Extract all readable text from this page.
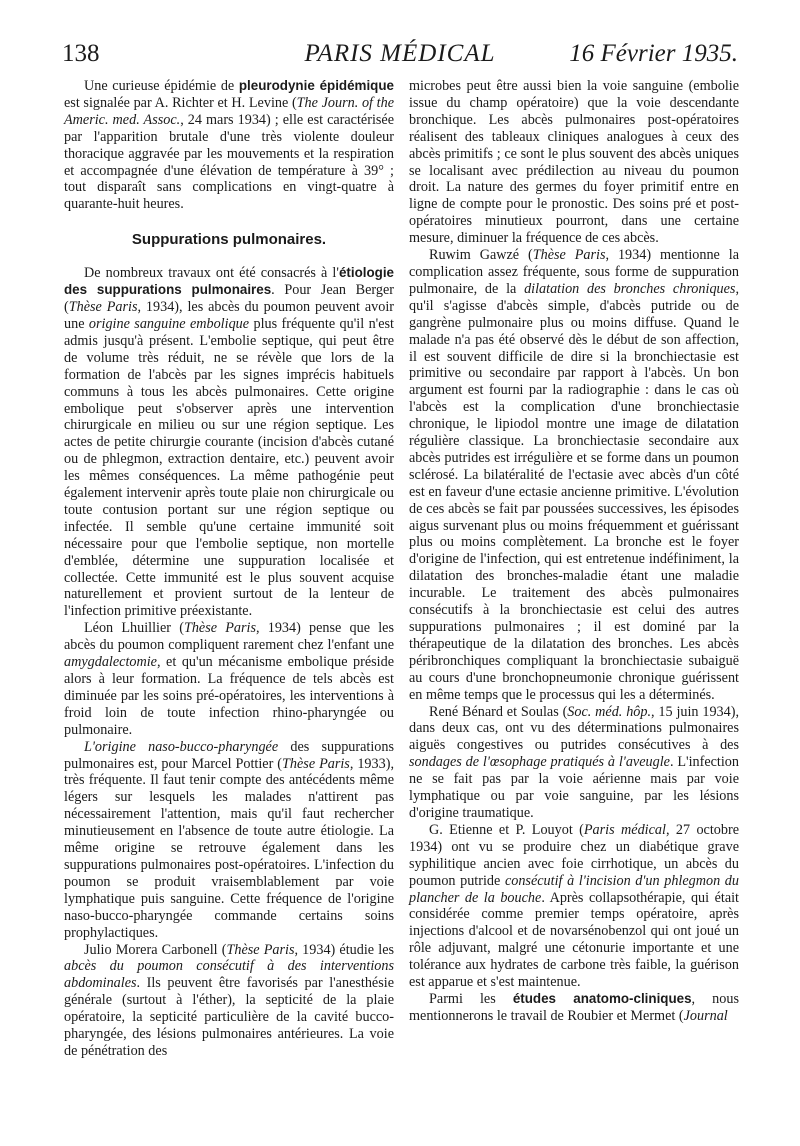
PARIS MÉDICAL
138	16 Février 1935.

Une curieuse épidémie de pleurodynie épidémique est signalée par A. Richter et H. Levine (The Journ. of the Americ. med. Assoc., 24 mars 1934) ; elle est caractérisée par l'apparition brutale d'une très violente douleur thoracique aggravée par les mouvements et la respiration et accompagnée d'une élévation de température à 39° ; tout disparaît sans complications en vingt-quatre à quarante-huit heures.

Suppurations pulmonaires.

De nombreux travaux ont été consacrés à l'étiologie des suppurations pulmonaires. Pour Jean Berger (Thèse Paris, 1934), les abcès du poumon peuvent avoir une origine sanguine embolique plus fréquente qu'il n'est admis jusqu'à présent. L'embolie septique, qui peut être de volume très réduit, ne se révèle que lors de la formation de l'abcès par les signes imprécis habituels communs à tous les abcès pulmonaires. Cette origine embolique peut s'observer après une intervention chirurgicale en milieu ou sur une région septique. Les actes de petite chirurgie courante (incision d'abcès cutané ou de phlegmon, extraction dentaire, etc.) peuvent avoir les mêmes conséquences. La même pathogénie peut également intervenir après toute plaie non chirurgicale ou toute contusion portant sur une région septique ou infectée. Il semble qu'une certaine immunité soit nécessaire pour que l'embolie septique, non mortelle d'emblée, détermine une suppuration localisée et collectée. Cette immunité est le plus souvent acquise naturellement et provient surtout de la lenteur de l'infection primitive préexistante.

Léon Lhuillier (Thèse Paris, 1934) pense que les abcès du poumon compliquent rarement chez l'enfant une amygdalectomie, et qu'un mécanisme embolique préside alors à leur formation. La fréquence de tels abcès est diminuée par les soins pré-opératoires, les interventions à froid loin de toute infection rhino-pharyngée ou pulmonaire.

L'origine naso-bucco-pharyngée des suppurations pulmonaires est, pour Marcel Pottier (Thèse Paris, 1933), très fréquente. Il faut tenir compte des antécédents même légers sur lesquels les malades n'attirent pas nécessairement l'attention, mais qu'il faut rechercher minutieusement en l'absence de toute autre étiologie. La même origine se retrouve également dans les suppurations pulmonaires post-opératoires. L'infection du poumon se produit vraisemblablement par voie lymphatique puis sanguine. Cette fréquence de l'origine naso-bucco-pharyngée commande certains soins prophylactiques.

Julio Morera Carbonell (Thèse Paris, 1934) étudie les abcès du poumon consécutif à des interventions abdominales. Ils peuvent être favorisés par l'anesthésie générale (surtout à l'éther), la septicité de la plaie opératoire, la septicité particulière de la cavité bucco-pharyngée, des lésions pulmonaires antérieures. La voie de pénétration des

microbes peut être aussi bien la voie sanguine (embolie issue du champ opératoire) que la voie descendante bronchique. Les abcès pulmonaires post-opératoires réalisent des tableaux cliniques analogues à ceux des abcès primitifs ; ce sont le plus souvent des abcès uniques se localisant avec prédilection au niveau du poumon droit. La nature des germes du foyer primitif entre en ligne de compte pour le pronostic. Des soins pré et post-opératoires minutieux pourront, dans une certaine mesure, diminuer la fréquence de ces abcès.

Ruwim Gawzé (Thèse Paris, 1934) mentionne la complication assez fréquente, sous forme de suppuration pulmonaire, de la dilatation des bronches chroniques, qu'il s'agisse d'abcès simple, d'abcès putride ou de gangrène pulmonaire plus ou moins diffuse. Quand le malade n'a pas été observé dès le début de son affection, il est souvent difficile de dire si la bronchiectasie est primitive ou secondaire par rapport à l'abcès. Un bon argument est fourni par la radiographie : dans le cas où l'abcès est la complication d'une bronchiectasie chronique, le lipiodol montre une image de dilatation régulière classique. La bronchiectasie secondaire aux abcès putrides est irrégulière et se forme dans un poumon sclérosé. La bilatéralité de l'ectasie avec abcès d'un côté est en faveur d'une ectasie ancienne primitive. L'évolution de ces abcès se fait par poussées successives, les épisodes aigus survenant plus ou moins fréquemment et guérissant plus ou moins complètement. La bronche est le foyer d'origine de l'infection, qui est entretenue indéfiniment, la dilatation des bronches-maladie étant une maladie incurable. Le traitement des abcès pulmonaires consécutifs à la bronchiectasie est celui des autres suppurations pulmonaires ; il est dominé par la thérapeutique de la dilatation des bronches. Les abcès péribronchiques compliquant la bronchiectasie subaiguë au cours d'une bronchopneumonie chronique guérissent en même temps que le processus qui les a déterminés.

René Bénard et Soulas (Soc. méd. hôp., 15 juin 1934), dans deux cas, ont vu des déterminations pulmonaires aiguës congestives ou putrides consécutives à des sondages de l'œsophage pratiqués à l'aveugle. L'infection ne se fait pas par la voie aérienne mais par voie lymphatique ou par voie sanguine, par les lésions d'origine traumatique.

G. Etienne et P. Louyot (Paris médical, 27 octobre 1934) ont vu se produire chez un diabétique grave syphilitique ancien avec foie cirrhotique, un abcès du poumon putride consécutif à l'incision d'un phlegmon du plancher de la bouche. Après collapsothérapie, qui était considérée comme premier temps opératoire, après injections d'alcool et de novarsénobenzol qui ont joué un rôle adjuvant, malgré une cétonurie importante et une tolérance aux hydrates de carbone très faible, la guérison est apparue et s'est maintenue.

Parmi les études anatomo-cliniques, nous mentionnerons le travail de Roubier et Mermet (Journal
